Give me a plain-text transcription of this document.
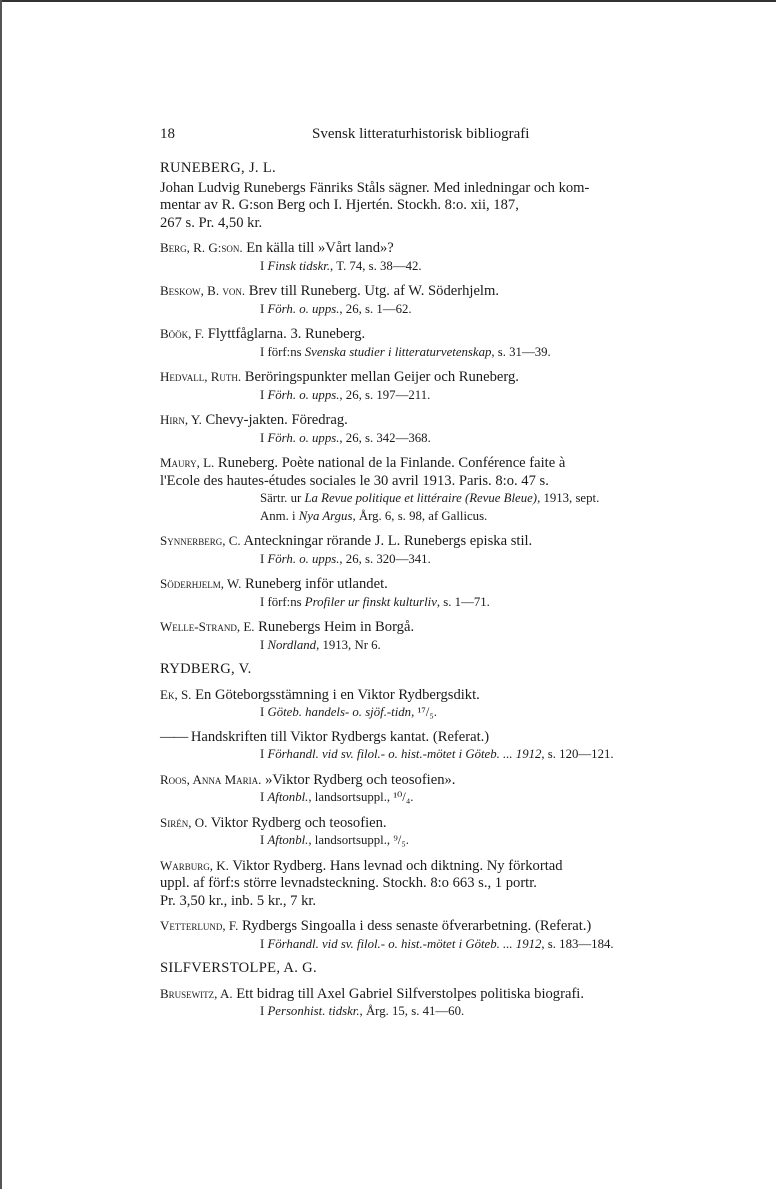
18	Svensk litteraturhistorisk bibliografi
RUNEBERG, J. L.
Johan Ludvig Runebergs Fänriks Ståls sägner. Med inledningar och kom-
mentar av R. G:son Berg och I. Hjertén. Stockh. 8:o. xii, 187,
267 s. Pr. 4,50 kr.
Berg, R. G:son. En källa till »Vårt land»?
I Finsk tidskr., T. 74, s. 38—42.
Beskow, B. von. Brev till Runeberg. Utg. af W. Söderhjelm.
I Förh. o. upps., 26, s. 1—62.
Böök, F. Flyttfåglarna. 3. Runeberg.
I förf:ns Svenska studier i litteraturvetenskap, s. 31—39.
Hedvall, Ruth. Beröringspunkter mellan Geijer och Runeberg.
I Förh. o. upps., 26, s. 197—211.
Hirn, Y. Chevy-jakten. Föredrag.
I Förh. o. upps., 26, s. 342—368.
Maury, L. Runeberg. Poète national de la Finlande. Conférence faite à
l'Ecole des hautes-études sociales le 30 avril 1913. Paris. 8:o. 47 s.
Särtr. ur La Revue politique et littéraire (Revue Bleue), 1913, sept.
Anm. i Nya Argus, Årg. 6, s. 98, af Gallicus.
Synnerberg, C. Anteckningar rörande J. L. Runebergs episka stil.
I Förh. o. upps., 26, s. 320—341.
Söderhjelm, W. Runeberg inför utlandet.
I förf:ns Profiler ur finskt kulturliv, s. 1—71.
Welle-Strand, E. Runebergs Heim in Borgå.
I Nordland, 1913, Nr 6.
RYDBERG, V.
Ek, S. En Göteborgsstämning i en Viktor Rydbergsdikt.
I Göteb. handels- o. sjöf.-tidn, ¹⁷/₅.
—— Handskriften till Viktor Rydbergs kantat. (Referat.)
I Förhandl. vid sv. filol.- o. hist.-mötet i Göteb. ... 1912, s. 120—121.
Roos, Anna Maria. »Viktor Rydberg och teosofien».
I Aftonbl., landsortsuppl., ¹⁰/₄.
Sirén, O. Viktor Rydberg och teosofien.
I Aftonbl., landsortsuppl., ⁹/₅.
Warburg, K. Viktor Rydberg. Hans levnad och diktning. Ny förkortad
uppl. af förf:s större levnadsteckning. Stockh. 8:o 663 s., 1 portr.
Pr. 3,50 kr., inb. 5 kr., 7 kr.
Vetterlund, F. Rydbergs Singoalla i dess senaste öfverarbetning. (Referat.)
I Förhandl. vid sv. filol.- o. hist.-mötet i Göteb. ... 1912, s. 183—184.
SILFVERSTOLPE, A. G.
Brusewitz, A. Ett bidrag till Axel Gabriel Silfverstolpes politiska biografi.
I Personhist. tidskr., Årg. 15, s. 41—60.
